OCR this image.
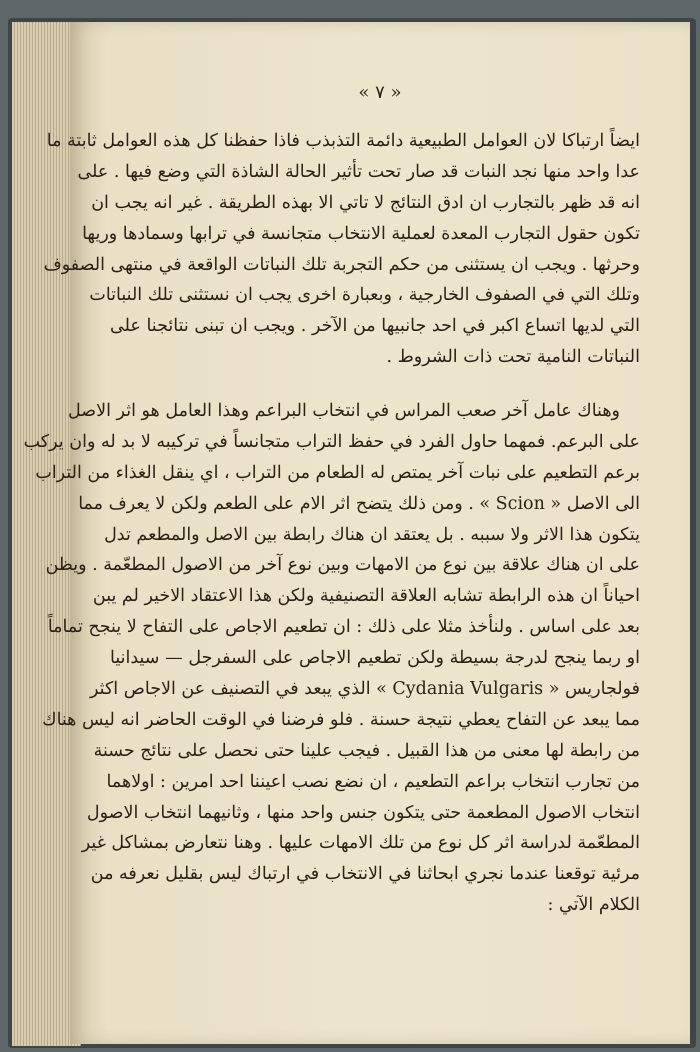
« ٧ »
ايضاً ارتباكا لان العوامل الطبيعية دائمة التذبذب فاذا حفظنا كل هذه العوامل ثابتة ما
عدا واحد منها نجد النبات قد صار تحت تأثير الحالة الشاذة التي وضع فيها . على
انه قد ظهر بالتجارب ان ادق النتائج لا تاتي الا بهذه الطريقة . غير انه يجب ان
تكون حقول التجارب المعدة لعملية الانتخاب متجانسة في ترابها وسمادها وريها
وحرثها . ويجب ان يستثنى من حكم التجربة تلك النباتات الواقعة في منتهى الصفوف
وتلك التي في الصفوف الخارجية ، وبعبارة اخرى يجب ان نستثنى تلك النباتات
التي لديها اتساع اكبر في احد جانبيها من الآخر . ويجب ان تبنى نتائجنا على
النباتات النامية تحت ذات الشروط .
وهناك عامل آخر صعب المراس في انتخاب البراعم وهذا العامل هو اثر الاصل
على البرعم. فمهما حاول الفرد في حفظ التراب متجانساً في تركيبه لا بد له وان يركب
برعم التطعيم على نبات آخر يمتص له الطعام من التراب ، اي ينقل الغذاء من التراب
الى الاصل « Scion » . ومن ذلك يتضح اثر الام على الطعم ولكن لا يعرف مما
يتكون هذا الاثر ولا سببه . بل يعتقد ان هناك رابطة بين الاصل والمطعم تدل
على ان هناك علاقة بين نوع من الامهات وبين نوع آخر من الاصول المطعّمة . ويظن
احياناً ان هذه الرابطة تشابه العلاقة التصنيفية ولكن هذا الاعتقاد الاخير لم يبن
بعد على اساس . ولنأخذ مثلا على ذلك : ان تطعيم الاجاص على التفاح لا ينجح تماماً
او ربما ينجح لدرجة بسيطة ولكن تطعيم الاجاص على السفرجل — سيدانيا
فولجاريس « Cydania Vulgaris » الذي يبعد في التصنيف عن الاجاص اكثر
مما يبعد عن التفاح يعطي نتيجة حسنة . فلو فرضنا في الوقت الحاضر انه ليس هناك
من رابطة لها معنى من هذا القبيل . فيجب علينا حتى نحصل على نتائج حسنة
من تجارب انتخاب براعم التطعيم ، ان نضع نصب اعيننا احد امرين : اولاهما
انتخاب الاصول المطعمة حتى يتكون جنس واحد منها ، وثانيهما انتخاب الاصول
المطعّمة لدراسة اثر كل نوع من تلك الامهات عليها . وهنا نتعارض بمشاكل غير
مرئية توقعنا عندما نجري ابحاثنا في الانتخاب في ارتباك ليس بقليل نعرفه من
الكلام الآتي :
